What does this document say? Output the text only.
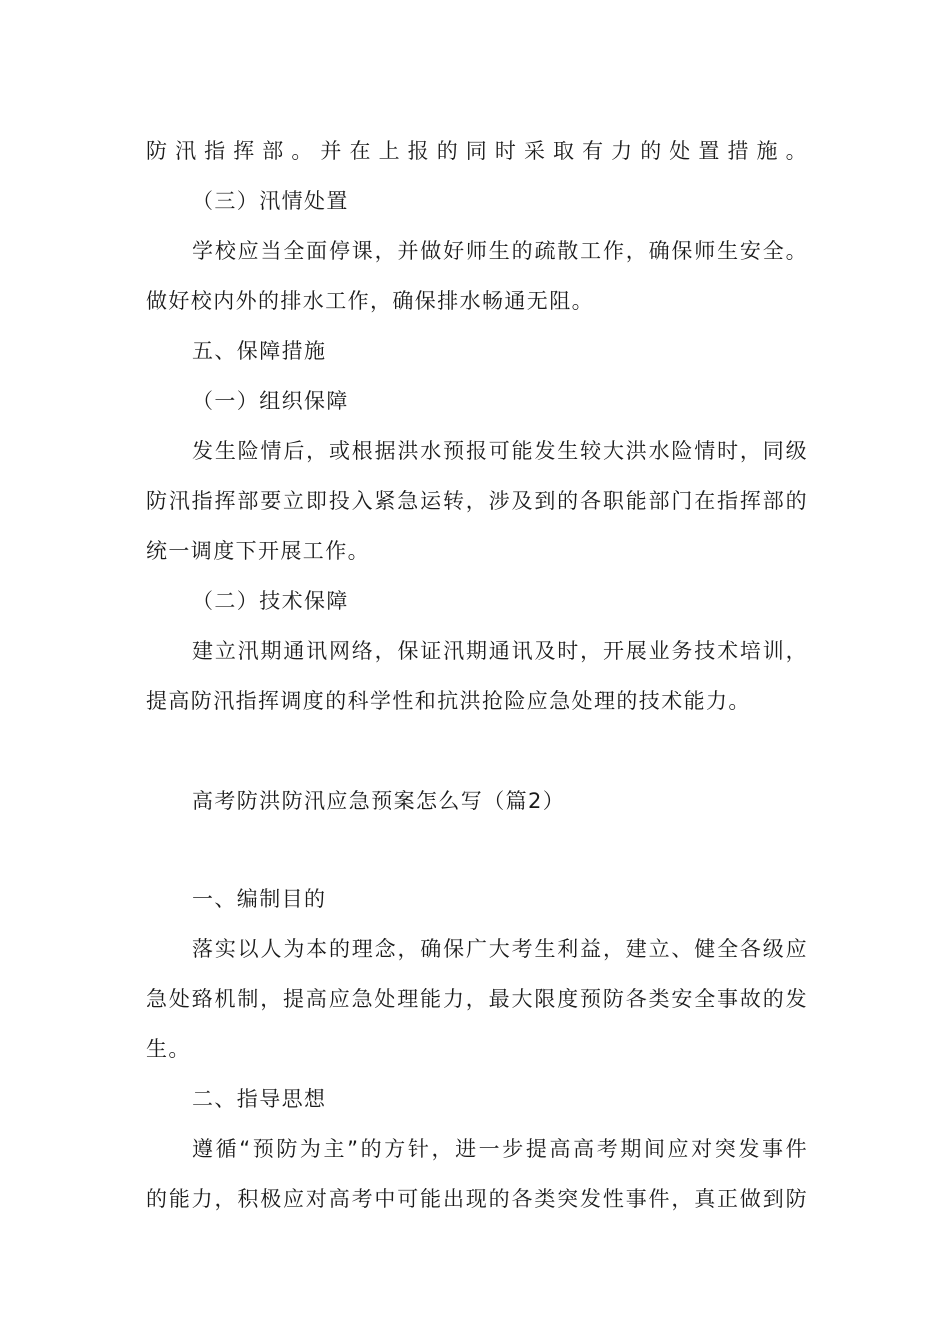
防汛指挥部。并在上报的同时采取有力的处置措施。
（三）汛情处置
学校应当全面停课，并做好师生的疏散工作，确保师生安全。
做好校内外的排水工作，确保排水畅通无阻。
五、保障措施
（一）组织保障
发生险情后，或根据洪水预报可能发生较大洪水险情时，同级
防汛指挥部要立即投入紧急运转，涉及到的各职能部门在指挥部的
统一调度下开展工作。
（二）技术保障
建立汛期通讯网络，保证汛期通讯及时，开展业务技术培训，
提高防汛指挥调度的科学性和抗洪抢险应急处理的技术能力。
高考防洪防汛应急预案怎么写（篇2）
一、编制目的
落实以人为本的理念，确保广大考生利益，建立、健全各级应
急处臵机制，提高应急处理能力，最大限度预防各类安全事故的发
生。
二、指导思想
遵循“预防为主”的方针，进一步提高高考期间应对突发事件
的能力，积极应对高考中可能出现的各类突发性事件，真正做到防
